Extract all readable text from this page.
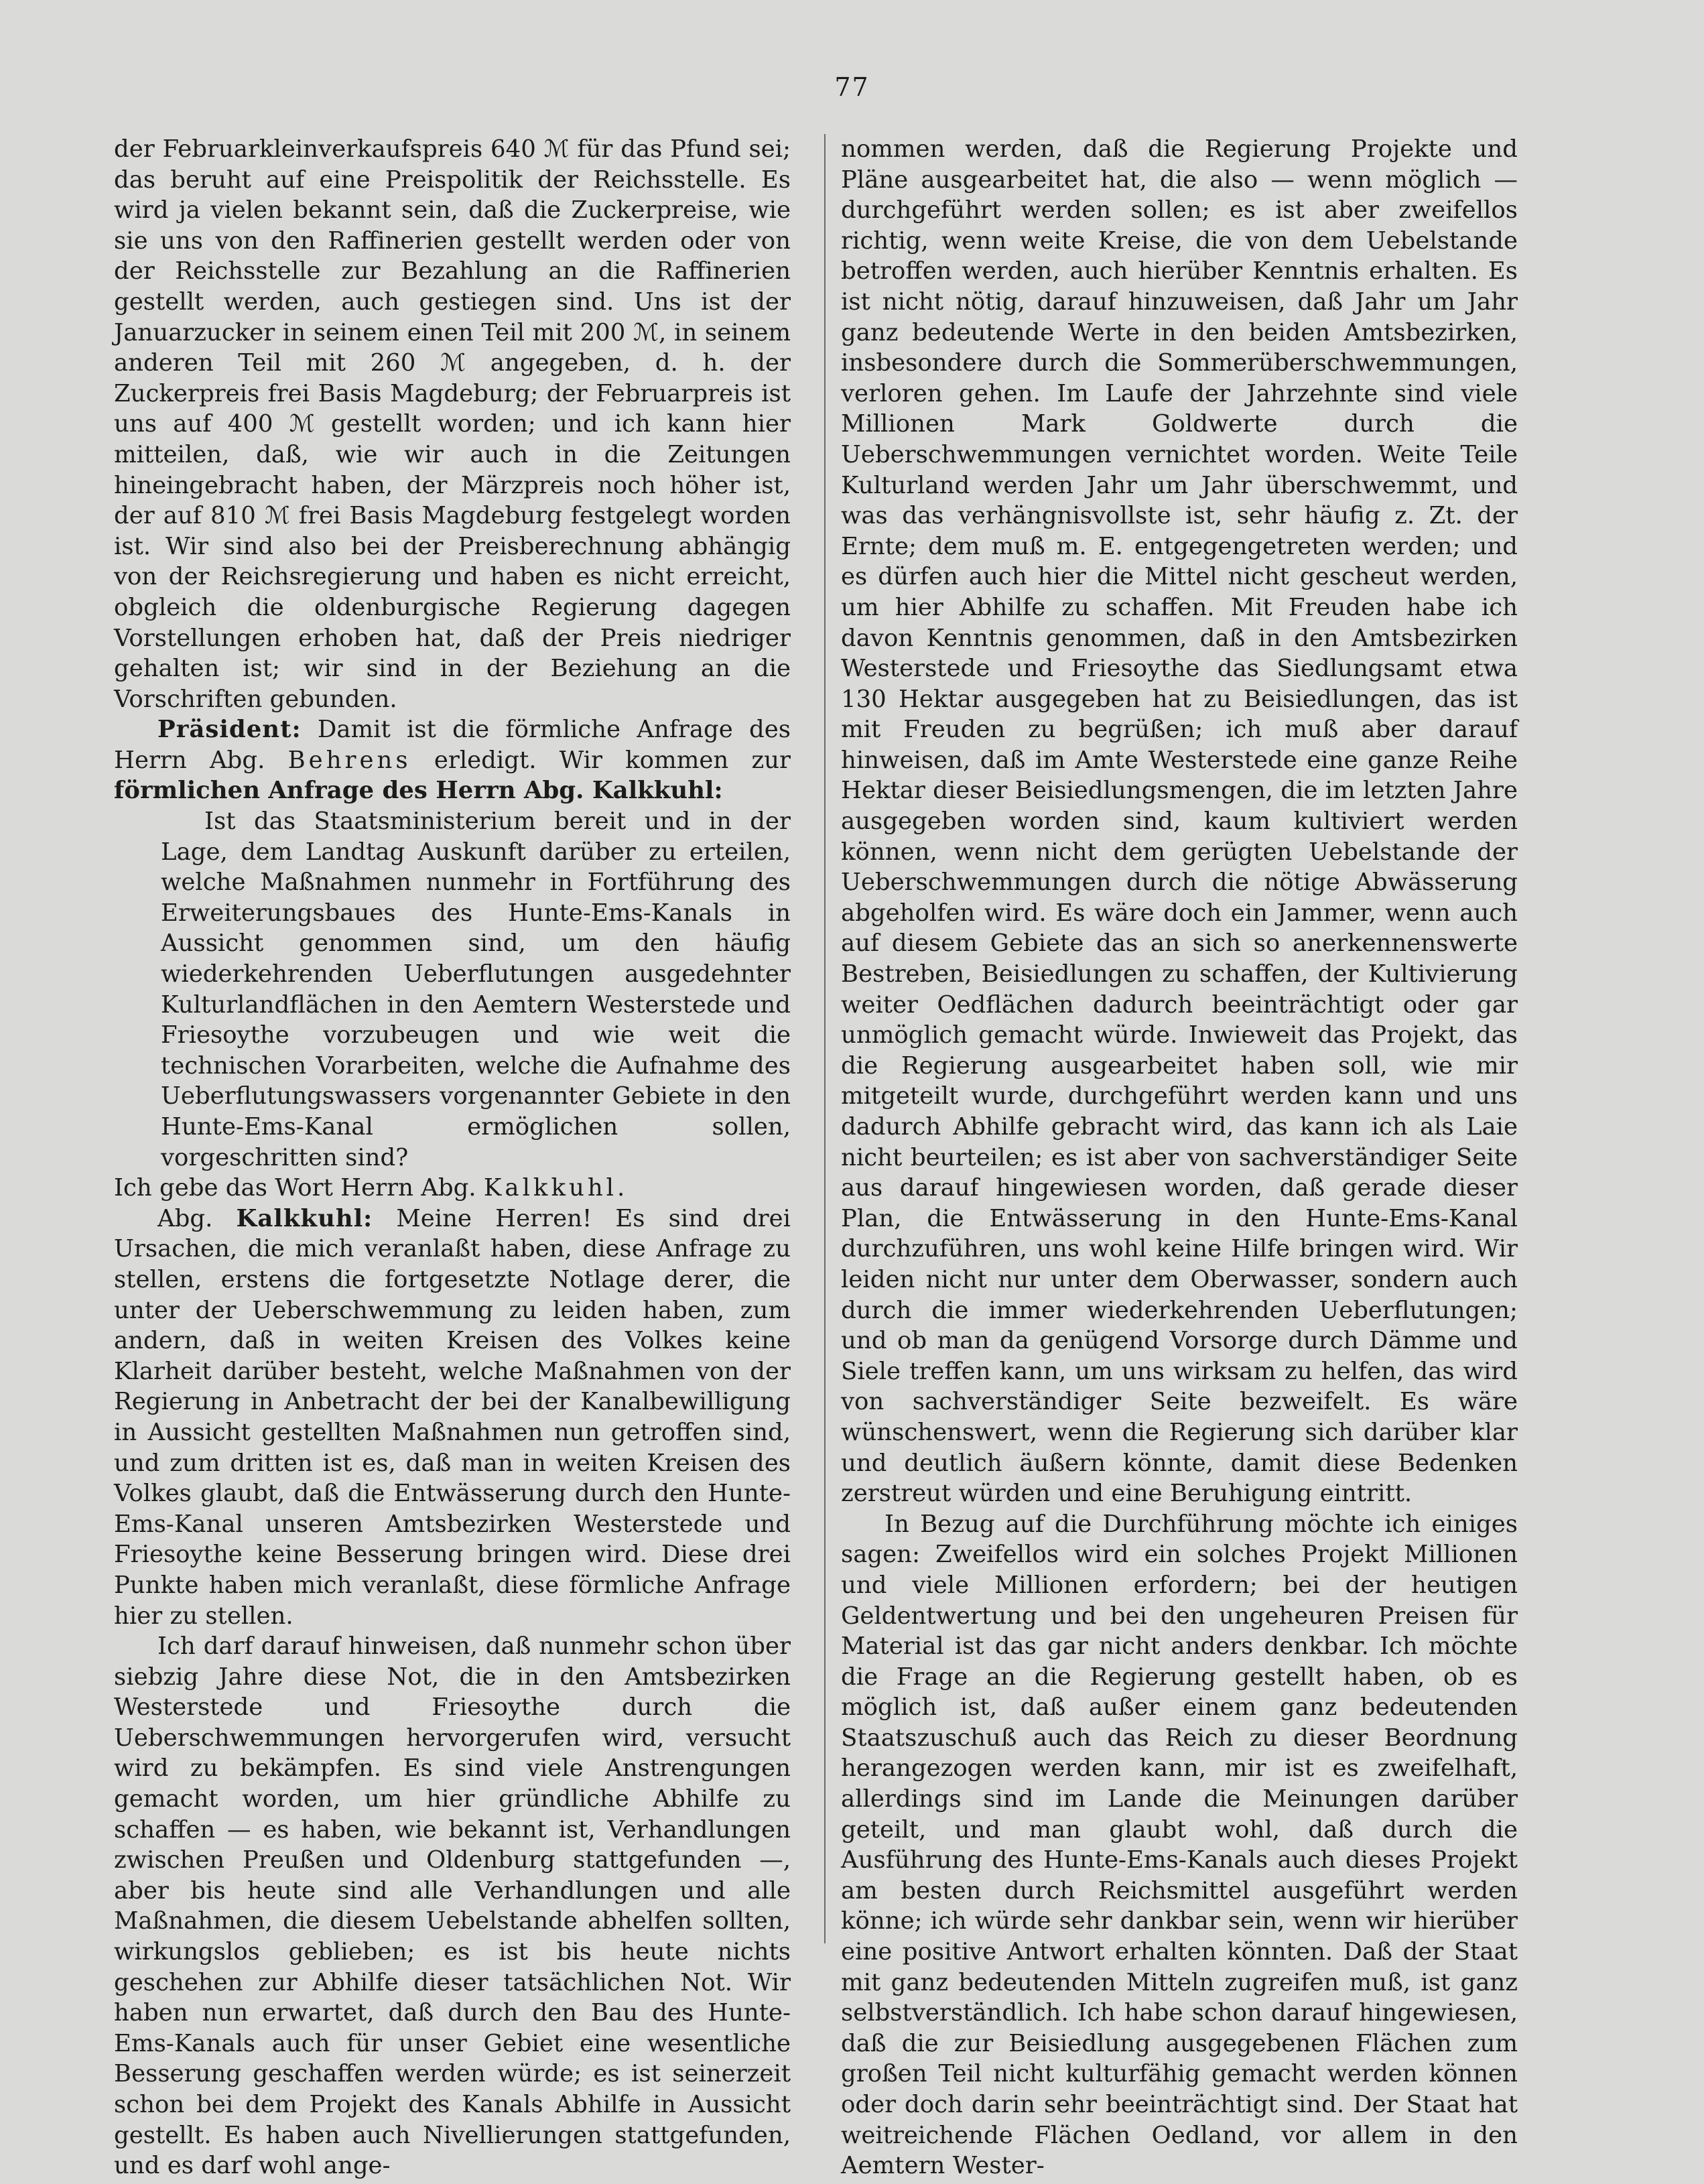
77

der Februarkleinverkaufspreis 640 ℳ für das Pfund sei; das beruht auf eine Preispolitik der Reichsstelle. Es wird ja vielen bekannt sein, daß die Zuckerpreise, wie sie uns von den Raffinerien gestellt werden oder von der Reichsstelle zur Bezahlung an die Raffinerien gestellt werden, auch gestiegen sind. Uns ist der Januarzucker in seinem einen Teil mit 200 ℳ, in seinem anderen Teil mit 260 ℳ angegeben, d. h. der Zuckerpreis frei Basis Magdeburg; der Februarpreis ist uns auf 400 ℳ gestellt worden; und ich kann hier mitteilen, daß, wie wir auch in die Zeitungen hineingebracht haben, der Märzpreis noch höher ist, der auf 810 ℳ frei Basis Magdeburg festgelegt worden ist. Wir sind also bei der Preisberechnung abhängig von der Reichsregierung und haben es nicht erreicht, obgleich die oldenburgische Regierung dagegen Vorstellungen erhoben hat, daß der Preis niedriger gehalten ist; wir sind in der Beziehung an die Vorschriften gebunden.

Präsident: Damit ist die förmliche Anfrage des Herrn Abg. Behrens erledigt. Wir kommen zur förmlichen Anfrage des Herrn Abg. Kalkkuhl:

Ist das Staatsministerium bereit und in der Lage, dem Landtag Auskunft darüber zu erteilen, welche Maßnahmen nunmehr in Fortführung des Erweiterungsbaues des Hunte-Ems-Kanals in Aussicht genommen sind, um den häufig wiederkehrenden Ueberflutungen ausgedehnter Kulturlandflächen in den Aemtern Westerstede und Friesoythe vorzubeugen und wie weit die technischen Vorarbeiten, welche die Aufnahme des Ueberflutungswassers vorgenannter Gebiete in den Hunte-Ems-Kanal ermöglichen sollen, vorgeschritten sind?

Ich gebe das Wort Herrn Abg. Kalkkuhl.

Abg. Kalkkuhl: Meine Herren! Es sind drei Ursachen, die mich veranlaßt haben, diese Anfrage zu stellen, erstens die fortgesetzte Notlage derer, die unter der Ueberschwemmung zu leiden haben, zum andern, daß in weiten Kreisen des Volkes keine Klarheit darüber besteht, welche Maßnahmen von der Regierung in Anbetracht der bei der Kanalbewilligung in Aussicht gestellten Maßnahmen nun getroffen sind, und zum dritten ist es, daß man in weiten Kreisen des Volkes glaubt, daß die Entwässerung durch den Hunte-Ems-Kanal unseren Amtsbezirken Westerstede und Friesoythe keine Besserung bringen wird. Diese drei Punkte haben mich veranlaßt, diese förmliche Anfrage hier zu stellen.

Ich darf darauf hinweisen, daß nunmehr schon über siebzig Jahre diese Not, die in den Amtsbezirken Westerstede und Friesoythe durch die Ueberschwemmungen hervorgerufen wird, versucht wird zu bekämpfen. Es sind viele Anstrengungen gemacht worden, um hier gründliche Abhilfe zu schaffen — es haben, wie bekannt ist, Verhandlungen zwischen Preußen und Oldenburg stattgefunden —, aber bis heute sind alle Verhandlungen und alle Maßnahmen, die diesem Uebelstande abhelfen sollten, wirkungslos geblieben; es ist bis heute nichts geschehen zur Abhilfe dieser tatsächlichen Not. Wir haben nun erwartet, daß durch den Bau des Hunte-Ems-Kanals auch für unser Gebiet eine wesentliche Besserung geschaffen werden würde; es ist seinerzeit schon bei dem Projekt des Kanals Abhilfe in Aussicht gestellt. Es haben auch Nivellierungen stattgefunden, und es darf wohl ange-

nommen werden, daß die Regierung Projekte und Pläne ausgearbeitet hat, die also — wenn möglich — durchgeführt werden sollen; es ist aber zweifellos richtig, wenn weite Kreise, die von dem Uebelstande betroffen werden, auch hierüber Kenntnis erhalten. Es ist nicht nötig, darauf hinzuweisen, daß Jahr um Jahr ganz bedeutende Werte in den beiden Amtsbezirken, insbesondere durch die Sommerüberschwemmungen, verloren gehen. Im Laufe der Jahrzehnte sind viele Millionen Mark Goldwerte durch die Ueberschwemmungen vernichtet worden. Weite Teile Kulturland werden Jahr um Jahr überschwemmt, und was das verhängnisvollste ist, sehr häufig z. Zt. der Ernte; dem muß m. E. entgegengetreten werden; und es dürfen auch hier die Mittel nicht gescheut werden, um hier Abhilfe zu schaffen. Mit Freuden habe ich davon Kenntnis genommen, daß in den Amtsbezirken Westerstede und Friesoythe das Siedlungsamt etwa 130 Hektar ausgegeben hat zu Beisiedlungen, das ist mit Freuden zu begrüßen; ich muß aber darauf hinweisen, daß im Amte Westerstede eine ganze Reihe Hektar dieser Beisiedlungsmengen, die im letzten Jahre ausgegeben worden sind, kaum kultiviert werden können, wenn nicht dem gerügten Uebelstande der Ueberschwemmungen durch die nötige Abwässerung abgeholfen wird. Es wäre doch ein Jammer, wenn auch auf diesem Gebiete das an sich so anerkennenswerte Bestreben, Beisiedlungen zu schaffen, der Kultivierung weiter Oedflächen dadurch beeinträchtigt oder gar unmöglich gemacht würde. Inwieweit das Projekt, das die Regierung ausgearbeitet haben soll, wie mir mitgeteilt wurde, durchgeführt werden kann und uns dadurch Abhilfe gebracht wird, das kann ich als Laie nicht beurteilen; es ist aber von sachverständiger Seite aus darauf hingewiesen worden, daß gerade dieser Plan, die Entwässerung in den Hunte-Ems-Kanal durchzuführen, uns wohl keine Hilfe bringen wird. Wir leiden nicht nur unter dem Oberwasser, sondern auch durch die immer wiederkehrenden Ueberflutungen; und ob man da genügend Vorsorge durch Dämme und Siele treffen kann, um uns wirksam zu helfen, das wird von sachverständiger Seite bezweifelt. Es wäre wünschenswert, wenn die Regierung sich darüber klar und deutlich äußern könnte, damit diese Bedenken zerstreut würden und eine Beruhigung eintritt.

In Bezug auf die Durchführung möchte ich einiges sagen: Zweifellos wird ein solches Projekt Millionen und viele Millionen erfordern; bei der heutigen Geldentwertung und bei den ungeheuren Preisen für Material ist das gar nicht anders denkbar. Ich möchte die Frage an die Regierung gestellt haben, ob es möglich ist, daß außer einem ganz bedeutenden Staatszuschuß auch das Reich zu dieser Beordnung herangezogen werden kann, mir ist es zweifelhaft, allerdings sind im Lande die Meinungen darüber geteilt, und man glaubt wohl, daß durch die Ausführung des Hunte-Ems-Kanals auch dieses Projekt am besten durch Reichsmittel ausgeführt werden könne; ich würde sehr dankbar sein, wenn wir hierüber eine positive Antwort erhalten könnten. Daß der Staat mit ganz bedeutenden Mitteln zugreifen muß, ist ganz selbstverständlich. Ich habe schon darauf hingewiesen, daß die zur Beisiedlung ausgegebenen Flächen zum großen Teil nicht kulturfähig gemacht werden können oder doch darin sehr beeinträchtigt sind. Der Staat hat weitreichende Flächen Oedland, vor allem in den Aemtern Wester-
